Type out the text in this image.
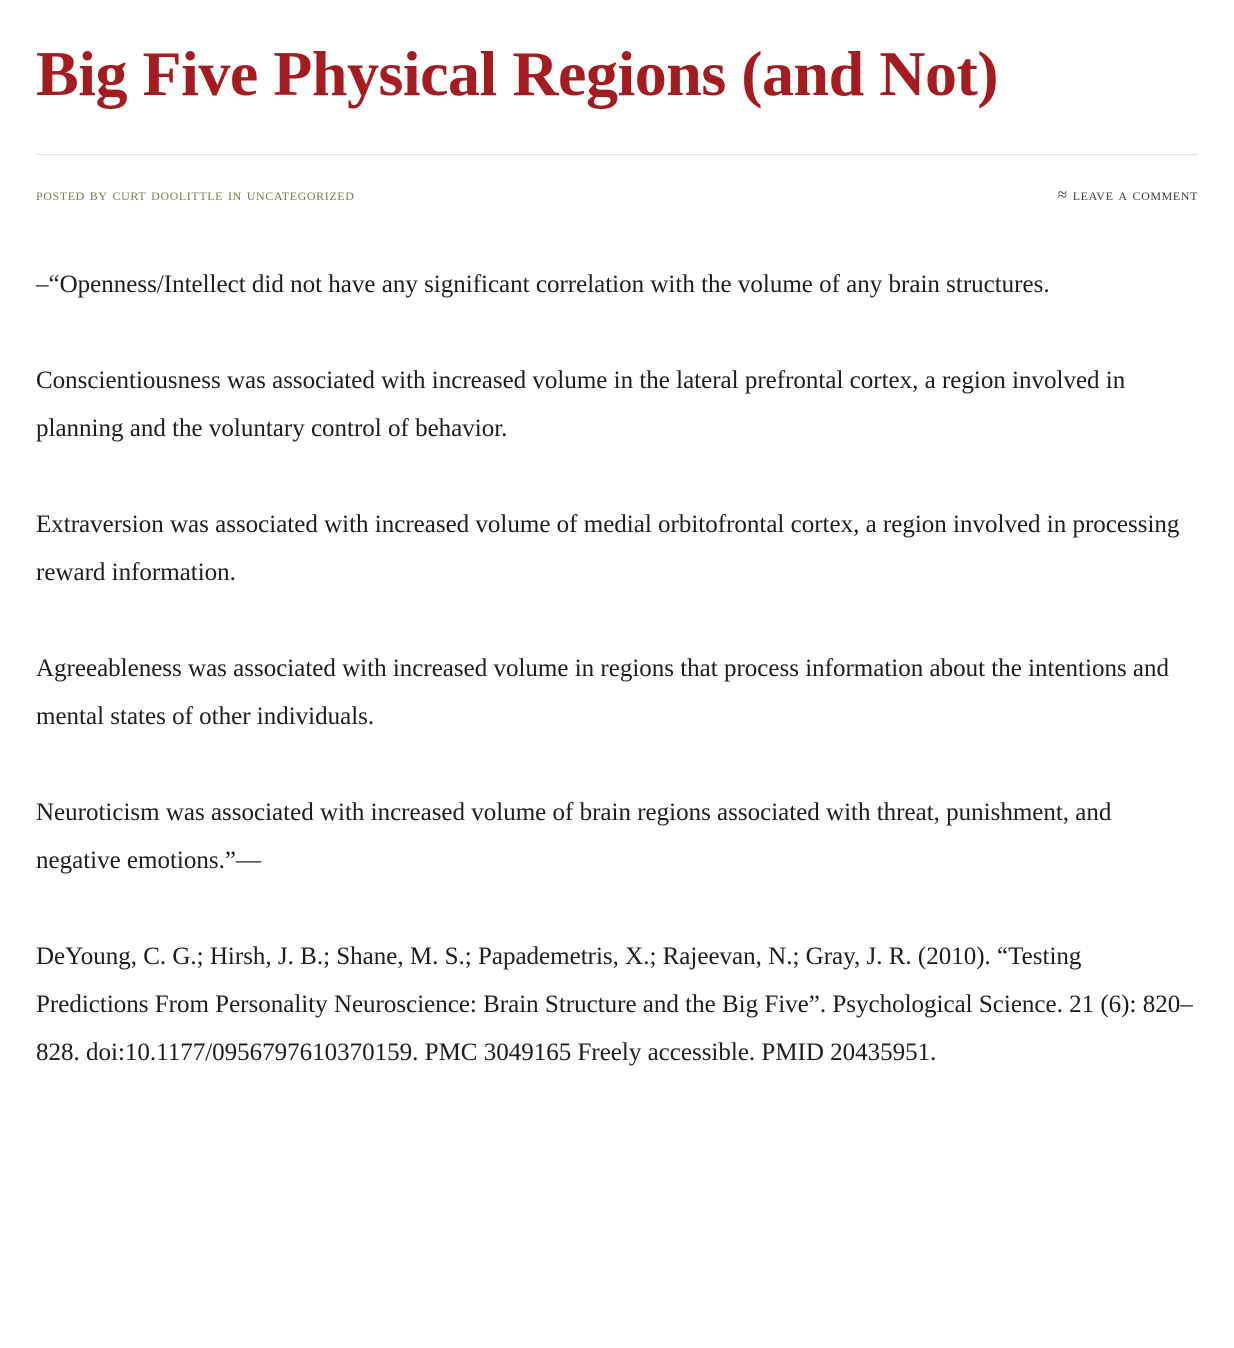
Big Five Physical Regions (and Not)
posted by curt doolittle in uncategorized	≈ leave a comment

–“Openness/Intellect did not have any significant correlation with the volume of any brain structures.

Conscientiousness was associated with increased volume in the lateral prefrontal cortex, a region involved in planning and the voluntary control of behavior.

Extraversion was associated with increased volume of medial orbitofrontal cortex, a region involved in processing reward information.

Agreeableness was associated with increased volume in regions that process information about the intentions and mental states of other individuals.

Neuroticism was associated with increased volume of brain regions associated with threat, punishment, and negative emotions.”—

DeYoung, C. G.; Hirsh, J. B.; Shane, M. S.; Papademetris, X.; Rajeevan, N.; Gray, J. R. (2010). “Testing Predictions From Personality Neuroscience: Brain Structure and the Big Five”. Psychological Science. 21 (6): 820–828. doi:10.1177/0956797610370159. PMC 3049165 Freely accessible. PMID 20435951.
